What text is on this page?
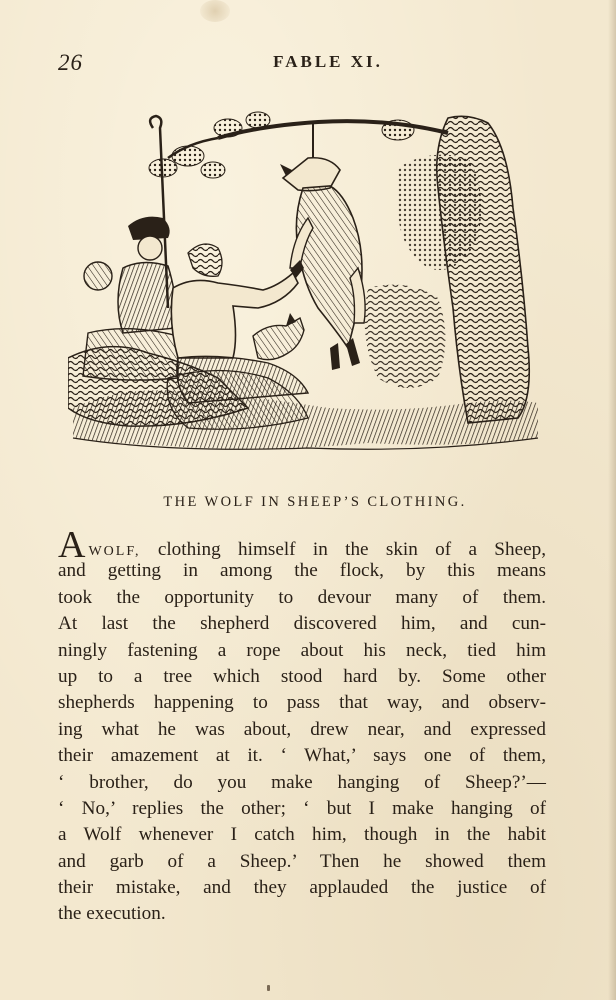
26	FABLE XI.
THE WOLF IN SHEEP’S CLOTHING.
AWOLF, clothing himself in the skin of a Sheep,
and getting in among the flock, by this means
took the opportunity to devour many of them.
At last the shepherd discovered him, and cun-
ningly fastening a rope about his neck, tied him
up to a tree which stood hard by. Some other
shepherds happening to pass that way, and observ-
ing what he was about, drew near, and expressed
their amazement at it. ‘ What,’ says one of them,
‘ brother, do you make hanging of Sheep?’—
‘ No,’ replies the other; ‘ but I make hanging of
a Wolf whenever I catch him, though in the habit
and garb of a Sheep.’ Then he showed them
their mistake, and they applauded the justice of
the execution.
